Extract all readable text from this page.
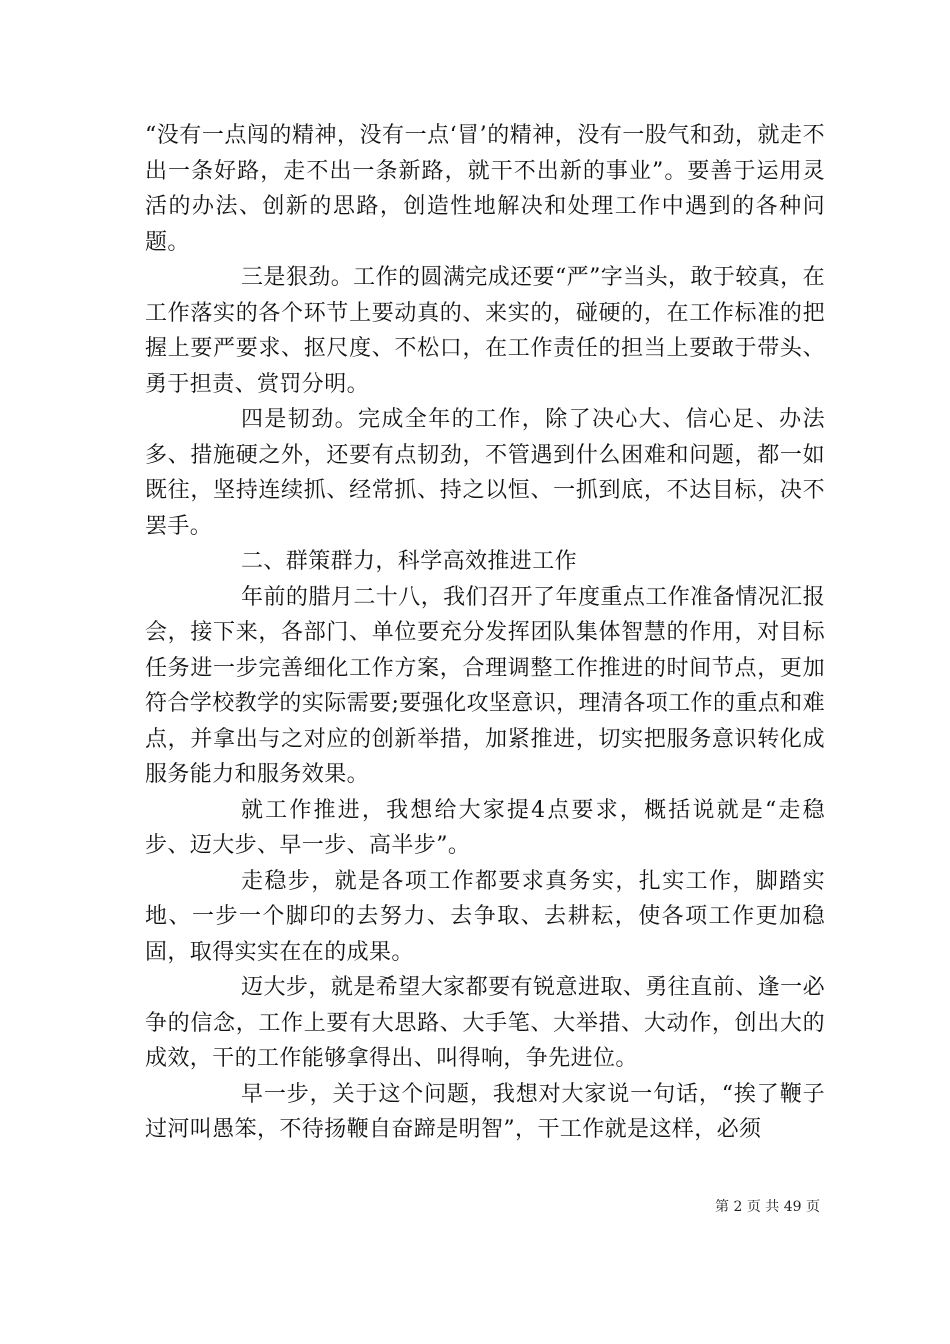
“没有一点闯的精神，没有一点‘冒’的精神，没有一股气和劲，就走不出一条好路，走不出一条新路，就干不出新的事业”。要善于运用灵活的办法、创新的思路，创造性地解决和处理工作中遇到的各种问题。

三是狠劲。工作的圆满完成还要“严”字当头，敢于较真，在工作落实的各个环节上要动真的、来实的，碰硬的，在工作标准的把握上要严要求、抠尺度、不松口，在工作责任的担当上要敢于带头、勇于担责、赏罚分明。

四是韧劲。完成全年的工作，除了决心大、信心足、办法多、措施硬之外，还要有点韧劲，不管遇到什么困难和问题，都一如既往，坚持连续抓、经常抓、持之以恒、一抓到底，不达目标，决不罢手。

二、群策群力，科学高效推进工作

年前的腊月二十八，我们召开了年度重点工作准备情况汇报会，接下来，各部门、单位要充分发挥团队集体智慧的作用，对目标任务进一步完善细化工作方案，合理调整工作推进的时间节点，更加符合学校教学的实际需要;要强化攻坚意识，理清各项工作的重点和难点，并拿出与之对应的创新举措，加紧推进，切实把服务意识转化成服务能力和服务效果。

就工作推进，我想给大家提4点要求，概括说就是“走稳步、迈大步、早一步、高半步”。

走稳步，就是各项工作都要求真务实，扎实工作，脚踏实地、一步一个脚印的去努力、去争取、去耕耘，使各项工作更加稳固，取得实实在在的成果。

迈大步，就是希望大家都要有锐意进取、勇往直前、逢一必争的信念，工作上要有大思路、大手笔、大举措、大动作，创出大的成效，干的工作能够拿得出、叫得响，争先进位。

早一步，关于这个问题，我想对大家说一句话，“挨了鞭子过河叫愚笨，不待扬鞭自奋蹄是明智”，干工作就是这样，必须

第 2 页 共 49 页
